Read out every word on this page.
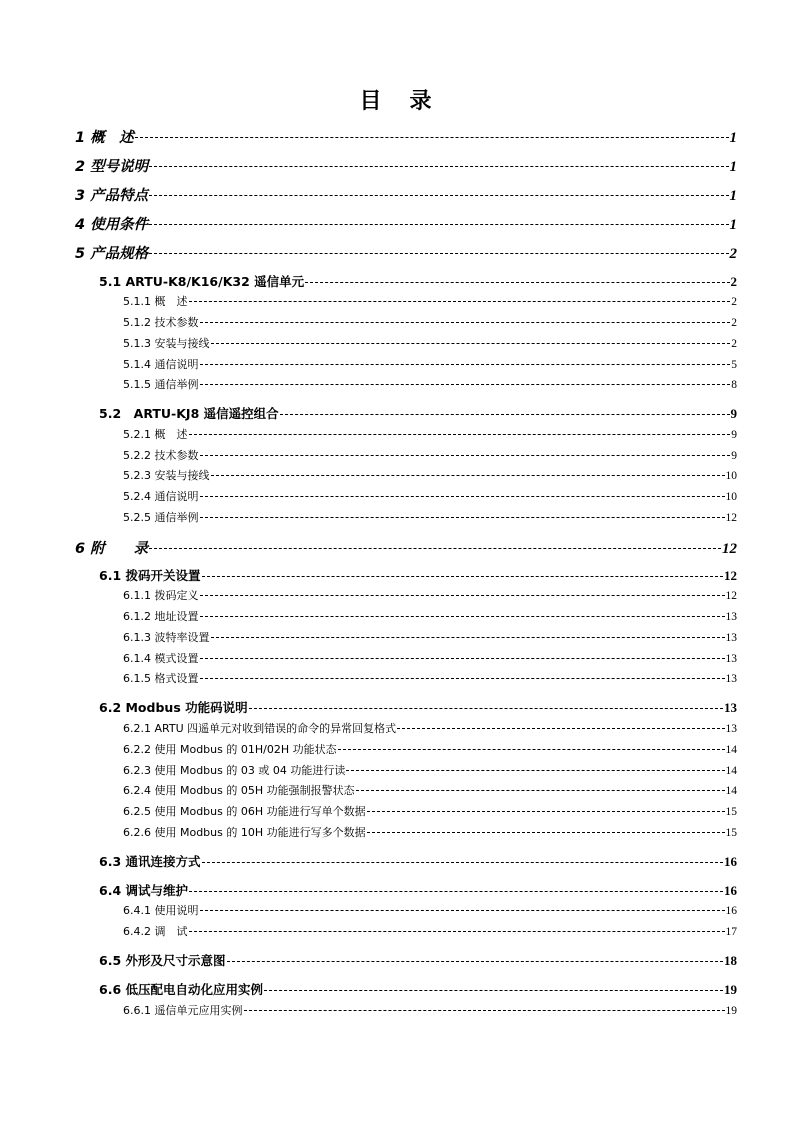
目 录
1 概　述	1
2 型号说明	1
3 产品特点	1
4 使用条件	1
5 产品规格	2
5.1 ARTU-K8/K16/K32 遥信单元	2
5.1.1 概　述	2
5.1.2 技术参数	2
5.1.3 安装与接线	2
5.1.4 通信说明	5
5.1.5 通信举例	8
5.2　ARTU-KJ8 遥信遥控组合	9
5.2.1 概　述	9
5.2.2 技术参数	9
5.2.3 安装与接线	10
5.2.4 通信说明	10
5.2.5 通信举例	12
6 附　　录	12
6.1 拨码开关设置	12
6.1.1 拨码定义	12
6.1.2 地址设置	13
6.1.3 波特率设置	13
6.1.4 模式设置	13
6.1.5 格式设置	13
6.2 Modbus 功能码说明	13
6.2.1 ARTU 四遥单元对收到错误的命令的异常回复格式	13
6.2.2 使用 Modbus 的 01H/02H 功能状态	14
6.2.3 使用 Modbus 的 03 或 04 功能进行读	14
6.2.4 使用 Modbus 的 05H 功能强制报警状态	14
6.2.5 使用 Modbus 的 06H 功能进行写单个数据	15
6.2.6 使用 Modbus 的 10H 功能进行写多个数据	15
6.3 通讯连接方式	16
6.4 调试与维护	16
6.4.1 使用说明	16
6.4.2 调　试	17
6.5 外形及尺寸示意图	18
6.6 低压配电自动化应用实例	19
6.6.1 遥信单元应用实例	19
